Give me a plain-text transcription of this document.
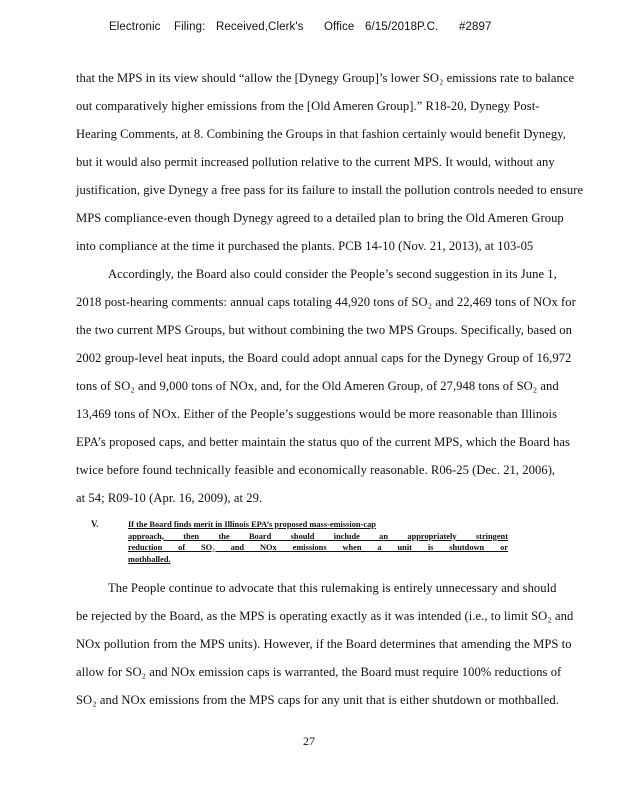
Electronic Filing: Received,Clerk's Office 6/15/2018P.C. #2897
that the MPS in its view should “allow the [Dynegy Group]’s lower SO₂ emissions rate to balance
out comparatively higher emissions from the [Old Ameren Group].” R18-20, Dynegy Post-
Hearing Comments, at 8. Combining the Groups in that fashion certainly would benefit Dynegy,
but it would also permit increased pollution relative to the current MPS. It would, without any
justification, give Dynegy a free pass for its failure to install the pollution controls needed to ensure
MPS compliance-even though Dynegy agreed to a detailed plan to bring the Old Ameren Group
into compliance at the time it purchased the plants. PCB 14-10 (Nov. 21, 2013), at 103-05
Accordingly, the Board also could consider the People’s second suggestion in its June 1,
2018 post-hearing comments: annual caps totaling 44,920 tons of SO₂ and 22,469 tons of NOx for
the two current MPS Groups, but without combining the two MPS Groups. Specifically, based on
2002 group-level heat inputs, the Board could adopt annual caps for the Dynegy Group of 16,972
tons of SO₂ and 9,000 tons of NOx, and, for the Old Ameren Group, of 27,948 tons of SO₂ and
13,469 tons of NOx. Either of the People’s suggestions would be more reasonable than Illinois
EPA’s proposed caps, and better maintain the status quo of the current MPS, which the Board has
twice before found technically feasible and economically reasonable. R06-25 (Dec. 21, 2006),
at 54; R09-10 (Apr. 16, 2009), at 29.
V.	If the Board finds merit in Illinois EPA’s proposed mass-emission-cap
approach, then the Board should include an appropriately stringent
reduction of SO₂ and NOx emissions when a unit is shutdown or
mothballed.
The People continue to advocate that this rulemaking is entirely unnecessary and should
be rejected by the Board, as the MPS is operating exactly as it was intended (i.e., to limit SO₂ and
NOx pollution from the MPS units). However, if the Board determines that amending the MPS to
allow for SO₂ and NOx emission caps is warranted, the Board must require 100% reductions of
SO₂ and NOx emissions from the MPS caps for any unit that is either shutdown or mothballed.
27
